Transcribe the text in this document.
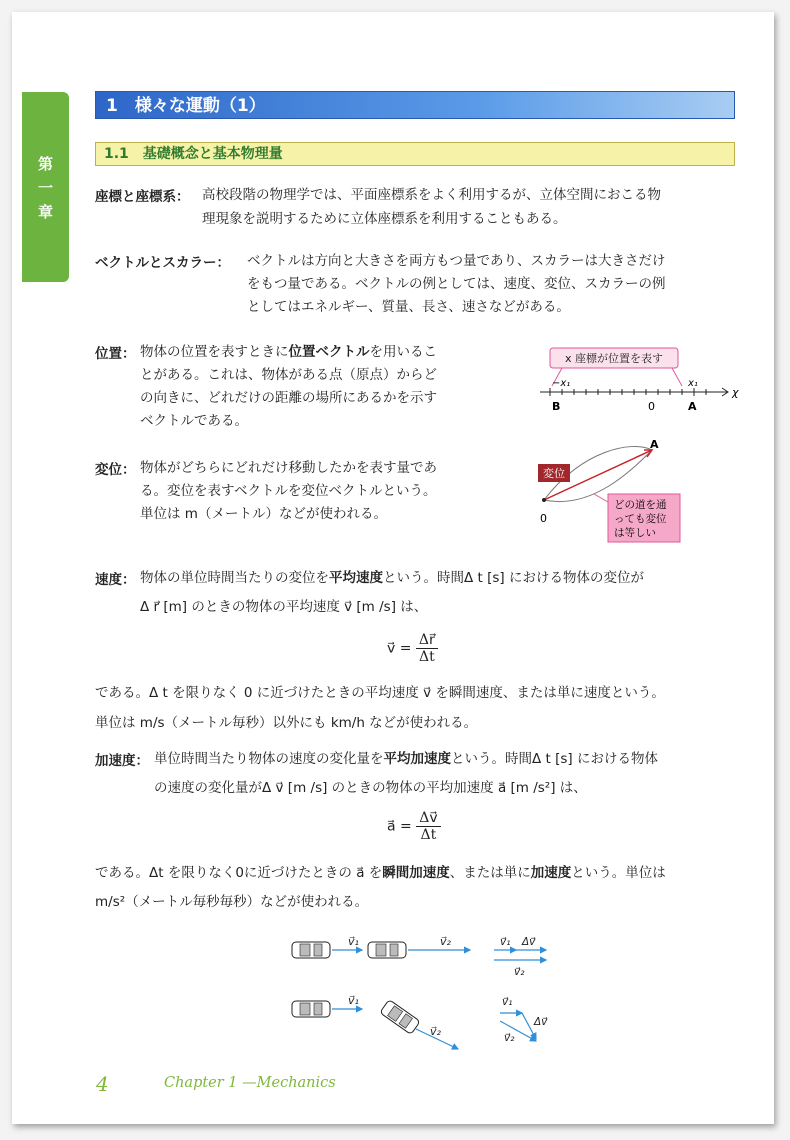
第
一
章
1　様々な運動（1）
1.1　基礎概念と基本物理量
座標と座標系： 高校段階の物理学では、平面座標系をよく利用するが、立体空間におこる物
理現象を説明するために立体座標系を利用することもある。
ベクトルとスカラー： ベクトルは方向と大きさを両方もつ量であり、スカラーは大きさだけ
をもつ量である。ベクトルの例としては、速度、変位、スカラーの例
としてはエネルギー、質量、長さ、速さなどがある。
位置： 物体の位置を表すときに位置ベクトルを用いるこ
とがある。これは、物体がある点（原点）からど
の向きに、どれだけの距離の場所にあるかを示す
ベクトルである。
x 座標が位置を表す
−x₁	x₁
χ
B	0	A
変位： 物体がどちらにどれだけ移動したかを表す量であ
る。変位を表すベクトルを変位ベクトルという。
単位は m（メートル）などが使われる。
変位
A
0
どの道を通
っても変位
は等しい
速度： 物体の単位時間当たりの変位を平均速度という。時間Δ t [s] における物体の変位が
Δ r⃗ [m] のときの物体の平均速度 v⃗ [m /s] は、
v⃗ = $\frac{\Delta r⃗}{\Delta t}$
である。Δ t を限りなく 0 に近づけたときの平均速度 v⃗ を瞬間速度、または単に速度という。
単位は m/s（メートル毎秒）以外にも km/h などが使われる。
加速度： 単位時間当たり物体の速度の変化量を平均加速度という。時間Δ t [s] における物体
の速度の変化量がΔ v⃗ [m /s] のときの物体の平均加速度 a⃗ [m /s²] は、
a⃗ = $\frac{\Delta v⃗}{\Delta t}$
である。Δt を限りなく0に近づけたときの a⃗ を瞬間加速度、または単に加速度という。単位は
m/s²（メートル毎秒毎秒）などが使われる。
v⃗₁	v⃗₂	v⃗₁ Δv⃗
v⃗₂
v⃗₁
v⃗₂
v⃗₁
Δv⃗
v⃗₂
4	Chapter 1 —Mechanics
